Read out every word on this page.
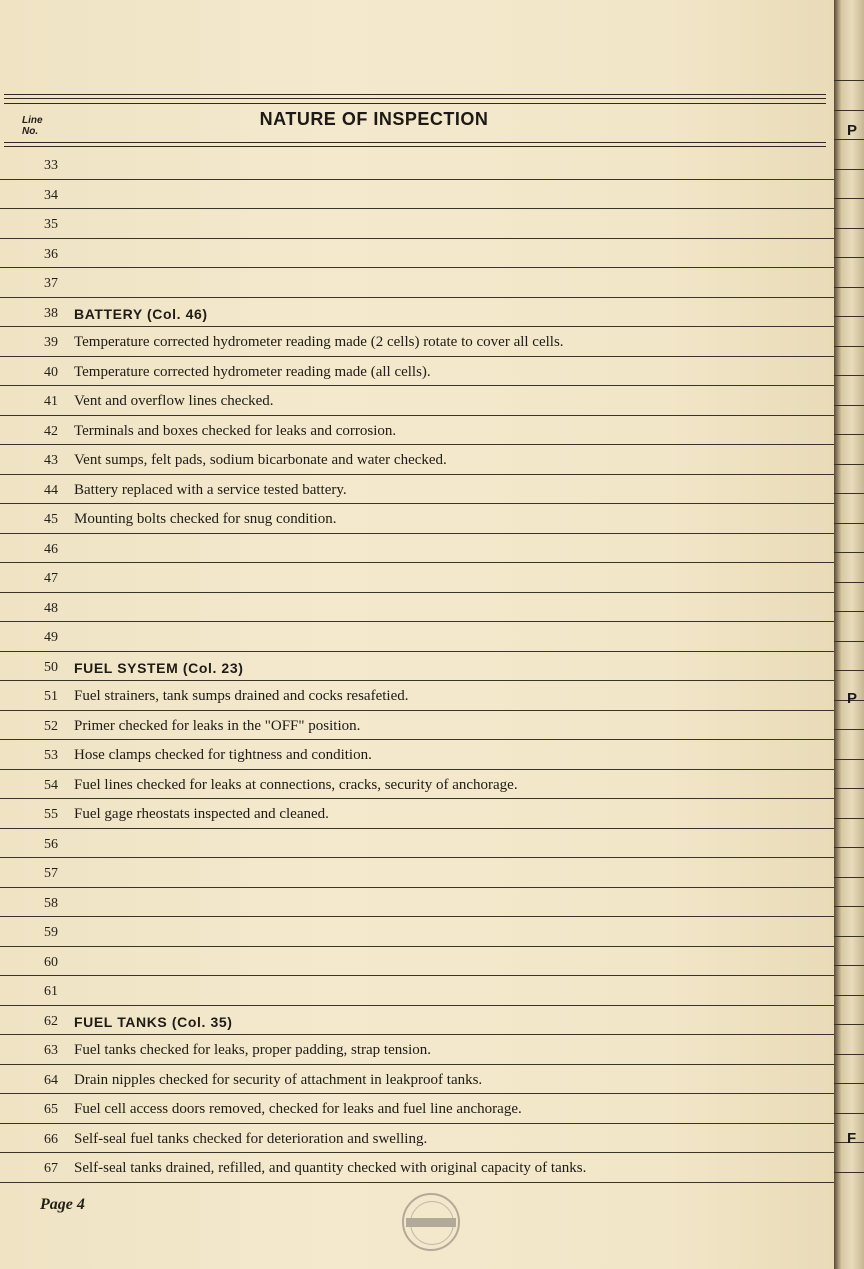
Line
No.
NATURE OF INSPECTION
33
34
35
36
37
38 BATTERY (Col. 46)
39 Temperature corrected hydrometer reading made (2 cells) rotate to cover all cells.
40 Temperature corrected hydrometer reading made (all cells).
41 Vent and overflow lines checked.
42 Terminals and boxes checked for leaks and corrosion.
43 Vent sumps, felt pads, sodium bicarbonate and water checked.
44 Battery replaced with a service tested battery.
45 Mounting bolts checked for snug condition.
46
47
48
49
50 FUEL SYSTEM (Col. 23)
51 Fuel strainers, tank sumps drained and cocks resafetied.
52 Primer checked for leaks in the "OFF" position.
53 Hose clamps checked for tightness and condition.
54 Fuel lines checked for leaks at connections, cracks, security of anchorage.
55 Fuel gage rheostats inspected and cleaned.
56
57
58
59
60
61
62 FUEL TANKS (Col. 35)
63 Fuel tanks checked for leaks, proper padding, strap tension.
64 Drain nipples checked for security of attachment in leakproof tanks.
65 Fuel cell access doors removed, checked for leaks and fuel line anchorage.
66 Self-seal fuel tanks checked for deterioration and swelling.
67 Self-seal tanks drained, refilled, and quantity checked with original capacity of tanks.
Page 4
P
P
F
